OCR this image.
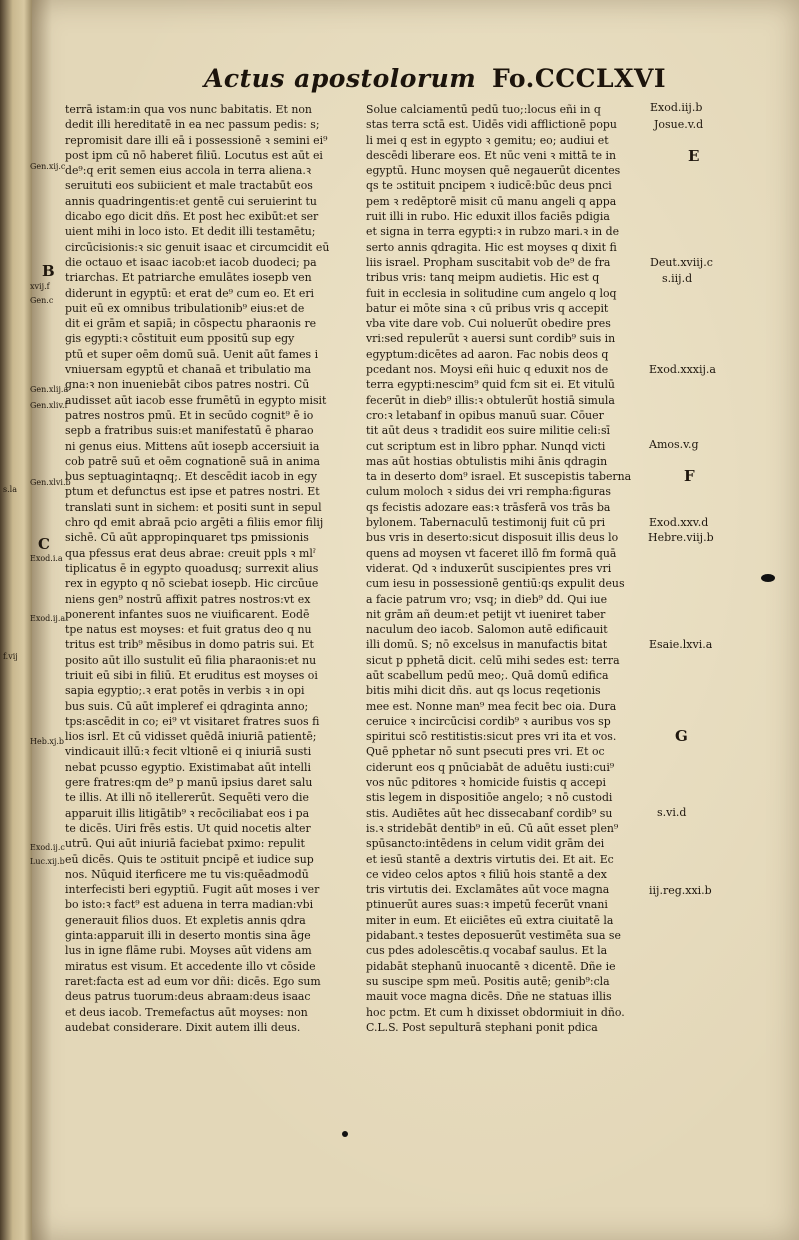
s.la
f.vij
Actus apostolorum Fo.CCCLXVI
terrā istam:in qua vos nunc babitatis. Et non
dedit illi hereditatē in ea nec passum pedis: s;
repromisit dare illi eā i possessionē ꝛ semini ei⁹
post ipm cū nō haberet filiū. Locutus est aūt ei
de⁹:q erit semen eius accola in terra aliena.ꝛ
seruituti eos subiicient et male tractabūt eos
annis quadringentis:et gentē cui seruierint tu
dicabo ego dicit dñs. Et post hec exibūt:et ser
uient mihi in loco isto. Et dedit illi testamētu;
circūcisionis:ꝛ sic genuit isaac et circumcidit eū
die octauo et isaac iacob:et iacob duodeci; pa
triarchas. Et patriarche emulātes iosepb ven
diderunt in egyptū: et erat de⁹ cum eo. Et eri
puit eū ex omnibus tribulationib⁹ eius:et de
dit ei grām et sapiā; in cōspectu pharaonis re
gis egypti:ꝛ cōstituit eum ppositū sup egy
ptū et super oēm domū suā. Uenit aūt fames i
vniuersam egyptū et chanaā et tribulatio ma
gna:ꝛ non inueniebāt cibos patres nostri. Cū
audisset aūt iacob esse frumētū in egypto misit
patres nostros pmū. Et in secūdo cognit⁹ ē io
sepb a fratribus suis:et manifestatū ē pharao
ni genus eius. Mittens aūt iosepb accersiuit ia
cob patrē suū et oēm cognationē suā in anima
bus septuagintaqnq;. Et descēdit iacob in egy
ptum et defunctus est ipse et patres nostri. Et
translati sunt in sichem: et positi sunt in sepul
chro qd emit abraā pcio argēti a filiis emor filij
sichē. Cū aūt appropinquaret tps pmissionis
qua pfessus erat deus abrae: creuit ppls ꝛ mlˀ
tiplicatus ē in egypto quoadusq; surrexit alius
rex in egypto q nō sciebat iosepb. Hic circūue
niens gen⁹ nostrū affixit patres nostros:vt ex
ponerent infantes suos ne viuificarent. Eodē
tpe natus est moyses: et fuit gratus deo q nu
tritus est trib⁹ mēsibus in domo patris sui. Et
posito aūt illo sustulit eū filia pharaonis:et nu
triuit eū sibi in filiū. Et eruditus est moyses oi
sapia egyptio;.ꝛ erat potēs in verbis ꝛ in opi
bus suis. Cū aūt impleref ei qdraginta anno;
tps:ascēdit in co; ei⁹ vt visitaret fratres suos fi
lios isrl. Et cū vidisset quēdā iniuriā patientē;
vindicauit illū:ꝛ fecit vltionē ei q iniuriā susti
nebat pcusso egyptio. Existimabat aūt intelli
gere fratres:qm de⁹ p manū ipsius daret salu
te illis. At illi nō itellererūt. Sequēti vero die
apparuit illis litigātib⁹ ꝛ recōciliabat eos i pa
te dicēs. Uiri frēs estis. Ut quid nocetis alter
utrū. Qui aūt iniuriā faciebat pximo: repulit
eū dicēs. Quis te ɔstituit pncipē et iudice sup
nos. Nūquid iterficere me tu vis:quēadmodū
interfecisti beri egyptiū. Fugit aūt moses i ver
bo isto:ꝛ fact⁹ est aduena in terra madian:vbi
generauit filios duos. Et expletis annis qdra
ginta:apparuit illi in deserto montis sina āge
lus in igne flāme rubi. Moyses aūt videns am
miratus est visum. Et accedente illo vt cōside
raret:facta est ad eum vor dñi: dicēs. Ego sum
deus patrus tuorum:deus abraam:deus isaac
et deus iacob. Tremefactus aūt moyses: non
audebat considerare. Dixit autem illi deus.
Solue calciamentū pedū tuo;:locus eñi in q
stas terra sctā est. Uidēs vidi afflictionē popu
li mei q est in egypto ꝛ gemitu; eo; audiui et
descēdi liberare eos. Et nūc veni ꝛ mittā te in
egyptū. Hunc moysen quē negauerūt dicentes
qs te ɔstituit pncipem ꝛ iudicē:būc deus pnci
pem ꝛ redēptorē misit cū manu angeli q appa
ruit illi in rubo. Hic eduxit illos faciēs pdigia
et signa in terra egypti:ꝛ in rubzo mari.ꝛ in de
serto annis qdragita. Hic est moyses q dixit fi
liis israel. Propham suscitabit vob de⁹ de fra
tribus vris: tanq meipm audietis. Hic est q
fuit in ecclesia in solitudine cum angelo q loq
batur ei mōte sina ꝛ cū pribus vris q accepit
vba vite dare vob. Cui noluerūt obedire pres
vri:sed repulerūt ꝛ auersi sunt cordib⁹ suis in
egyptum:dicētes ad aaron. Fac nobis deos q
pcedant nos. Moysi eñi huic q eduxit nos de
terra egypti:nescim⁹ quid fcm sit ei. Et vitulū
fecerūt in dieb⁹ illis:ꝛ obtulerūt hostiā simula
cro:ꝛ letabanf in opibus manuū suar. Cōuer
tit aūt deus ꝛ tradidit eos suire militie celi:sī
cut scriptum est in libro pphar. Nunqd victi
mas aūt hostias obtulistis mihi ānis qdragin
ta in deserto dom⁹ israel. Et suscepistis taberna
culum moloch ꝛ sidus dei vri rempha:figuras
qs fecistis adozare eas:ꝛ trāsferā vos trās ba
bylonem. Tabernaculū testimonij fuit cū pri
bus vris in deserto:sicut disposuit illis deus lo
quens ad moysen vt faceret illō fm formā quā
viderat. Qd ꝛ induxerūt suscipientes pres vri
cum iesu in possessionē gentiū:qs expulit deus
a facie patrum vro; vsq; in dieb⁹ dd. Qui iue
nit grām añ deum:et petijt vt iueniret taber
naculum deo iacob. Salomon autē edificauit
illi domū. S; nō excelsus in manufactis bitat
sicut p pphetā dicit. celū mihi sedes est: terra
aūt scabellum pedū meo;. Quā domū edifica
bitis mihi dicit dñs. aut qs locus reqetionis
mee est. Nonne man⁹ mea fecit bec oia. Dura
ceruice ꝛ incircūcisi cordib⁹ ꝛ auribus vos sp
spiritui scō restitistis:sicut pres vri ita et vos.
Quē pphetar nō sunt psecuti pres vri. Et oc
ciderunt eos q pnūciabāt de aduētu iusti:cui⁹
vos nūc pditores ꝛ homicide fuistis q accepi
stis legem in dispositiōe angelo; ꝛ nō custodi
stis. Audiētes aūt hec dissecabanf cordib⁹ su
is.ꝛ stridebāt dentib⁹ in eū. Cū aūt esset plen⁹
spūsancto:intēdens in celum vidit grām dei
et iesū stantē a dextris virtutis dei. Et ait. Ec
ce video celos aptos ꝛ filiū hois stantē a dex
tris virtutis dei. Exclamātes aūt voce magna
ptinuerūt aures suas:ꝛ impetū fecerūt vnani
miter in eum. Et eiiciētes eū extra ciuitatē la
pidabant.ꝛ testes deposuerūt vestimēta sua se
cus pdes adolescētis.q vocabaf saulus. Et la
pidabāt stephanū inuocantē ꝛ dicentē. Dñe ie
su suscipe spm meū. Positis autē; genib⁹:cla
mauit voce magna dicēs. Dñe ne statuas illis
hoc pctm. Et cum h dixisset obdormiuit in dño.
C.L.S. Post sepulturā stephani ponit pdica
Gen.xij.c
B
xvij.f
Gen.c
Gen.xlij.a
Gen.xliv.f
Gen.xlvi.b
C
Exod.i.a
Exod.ij.a
Heb.xj.b
Exod.ij.c
Luc.xij.b
Exod.iij.b
Josue.v.d
E
Deut.xviij.c
s.iij.d
Exod.xxxij.a
Amos.v.g
F
Exod.xxv.d
Hebre.viij.b
Esaie.lxvi.a
G
s.vi.d
iij.reg.xxi.b
